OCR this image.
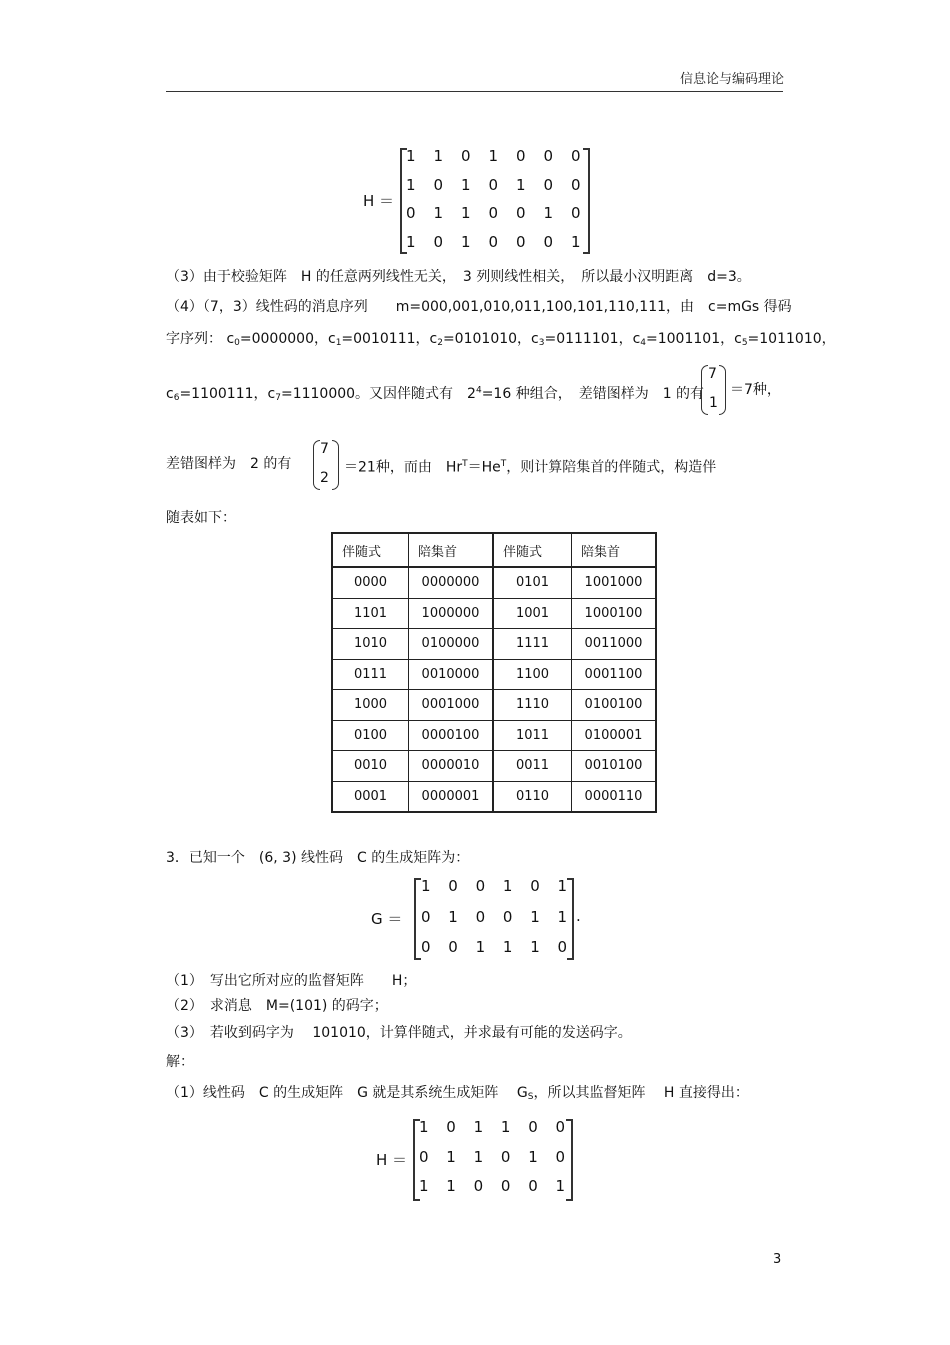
信息论与编码理论
H ＝
1 1 0 1 0 0 0
1 0 1 0 1 0 0
0 1 1 0 0 1 0
1 0 1 0 0 0 1
（3）由于校验矩阵　H 的任意两列线性无关，　3 列则线性相关，　所以最小汉明距离　d=3。
（4）（7，3）线性码的消息序列　　m=000,001,010,011,100,101,110,111，由　c=mGs 得码
字序列： $c_0=0000000$，$c_1=0010111$，$c_2=0101010$，$c_3=0111101$，$c_4=1001101$，$c_5=1011010$，
$c_6=1100111$，$c_7=1110000$。又因伴随式有　$2^4=16$ 种组合，　差错图样为　1 的有
7
1
＝7种，
差错图样为　2 的有
7
2
＝21种，而由　$Hr^T=He^T$，则计算陪集首的伴随式，构造伴
随表如下：
伴随式	陪集首	伴随式	陪集首
0000	0000000	0101	1001000
1101	1000000	1001	1000100
1010	0100000	1111	0011000
0111	0010000	1100	0001100
1000	0001000	1110	0100100
0100	0000100	1011	0100001
0010	0000010	0011	0010100
0001	0000001	0110	0000110
3．已知一个　(6, 3) 线性码　C 的生成矩阵为：
G ＝	.
1 0 0 1 0 1
0 1 0 0 1 1
0 0 1 1 1 0
（1）　写出它所对应的监督矩阵　　H；
（2）　求消息　M=(101) 的码字；
（3）　若收到码字为　 101010，计算伴随式，并求最有可能的发送码字。
解：
（1）线性码　C 的生成矩阵　G 就是其系统生成矩阵　 $G_S$，所以其监督矩阵　 H 直接得出：
H ＝
1 0 1 1 0 0
0 1 1 0 1 0
1 1 0 0 0 1
3
